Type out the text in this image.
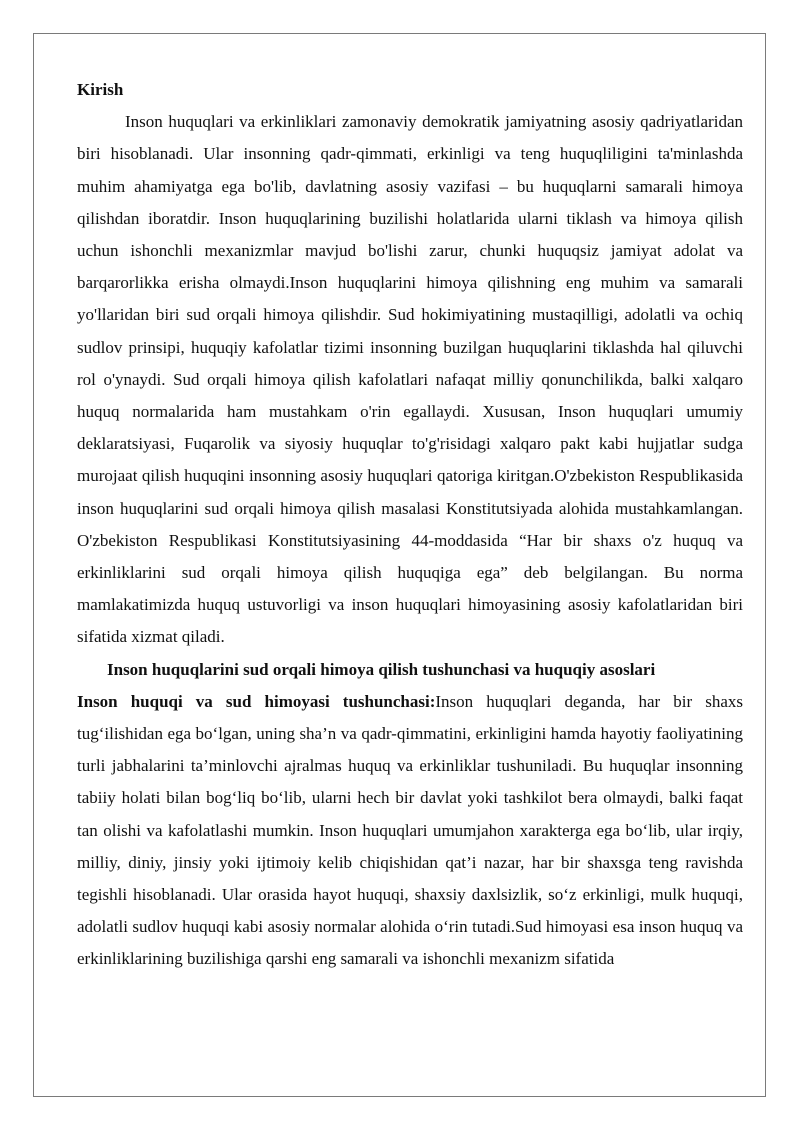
Kirish

Inson huquqlari va erkinliklari zamonaviy demokratik jamiyatning asosiy qadriyatlaridan biri hisoblanadi. Ular insonning qadr-qimmati, erkinligi va teng huquqliligini ta'minlashda muhim ahamiyatga ega bo'lib, davlatning asosiy vazifasi – bu huquqlarni samarali himoya qilishdan iboratdir. Inson huquqlarining buzilishi holatlarida ularni tiklash va himoya qilish uchun ishonchli mexanizmlar mavjud bo'lishi zarur, chunki huquqsiz jamiyat adolat va barqarorlikka erisha olmaydi.Inson huquqlarini himoya qilishning eng muhim va samarali yo'llaridan biri sud orqali himoya qilishdir. Sud hokimiyatining mustaqilligi, adolatli va ochiq sudlov prinsipi, huquqiy kafolatlar tizimi insonning buzilgan huquqlarini tiklashda hal qiluvchi rol o'ynaydi. Sud orqali himoya qilish kafolatlari nafaqat milliy qonunchilikda, balki xalqaro huquq normalarida ham mustahkam o'rin egallaydi. Xususan, Inson huquqlari umumiy deklaratsiyasi, Fuqarolik va siyosiy huquqlar to'g'risidagi xalqaro pakt kabi hujjatlar sudga murojaat qilish huquqini insonning asosiy huquqlari qatoriga kiritgan.O'zbekiston Respublikasida inson huquqlarini sud orqali himoya qilish masalasi Konstitutsiyada alohida mustahkamlangan. O'zbekiston Respublikasi Konstitutsiyasining 44-moddasida “Har bir shaxs o'z huquq va erkinliklarini sud orqali himoya qilish huquqiga ega” deb belgilangan. Bu norma mamlakatimizda huquq ustuvorligi va inson huquqlari himoyasining asosiy kafolatlaridan biri sifatida xizmat qiladi.

Inson huquqlarini sud orqali himoya qilish tushunchasi va huquqiy asoslari

Inson huquqi va sud himoyasi tushunchasi:Inson huquqlari deganda, har bir shaxs tug‘ilishidan ega bo‘lgan, uning sha’n va qadr-qimmatini, erkinligini hamda hayotiy faoliyatining turli jabhalarini ta’minlovchi ajralmas huquq va erkinliklar tushuniladi. Bu huquqlar insonning tabiiy holati bilan bog‘liq bo‘lib, ularni hech bir davlat yoki tashkilot bera olmaydi, balki faqat tan olishi va kafolatlashi mumkin. Inson huquqlari umumjahon xarakterga ega bo‘lib, ular irqiy, milliy, diniy, jinsiy yoki ijtimoiy kelib chiqishidan qat’i nazar, har bir shaxsga teng ravishda tegishli hisoblanadi. Ular orasida hayot huquqi, shaxsiy daxlsizlik, so‘z erkinligi, mulk huquqi, adolatli sudlov huquqi kabi asosiy normalar alohida o‘rin tutadi.Sud himoyasi esa inson huquq va erkinliklarining buzilishiga qarshi eng samarali va ishonchli mexanizm sifatida
